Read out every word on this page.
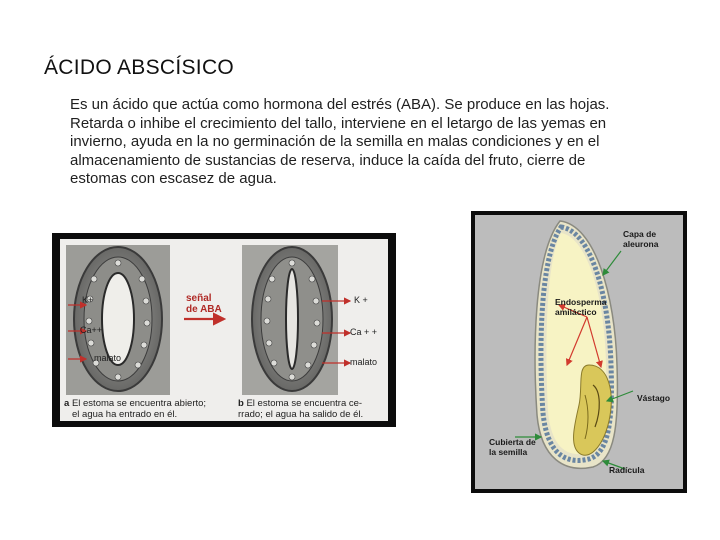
ÁCIDO ABSCÍSICO

Es un ácido que actúa como hormona del estrés (ABA). Se produce en las hojas.

Retarda o inhibe el crecimiento del tallo, interviene en el letargo de las yemas en

invierno, ayuda en la no germinación de la semilla en malas condiciones y en el

almacenamiento de sustancias de reserva, induce la caída del fruto, cierre de

estomas con escasez de agua.

señal
de ABA
K+
Ca++
malato
K +
Ca + +
malato
a El estoma se encuentra abierto;
el agua ha entrado en él.
b El estoma se encuentra ce-
rrado; el agua ha salido de él.
Capa de
aleurona
Endosperma
amiláctico
Vástago
Cubierta de
la semilla
Radícula
